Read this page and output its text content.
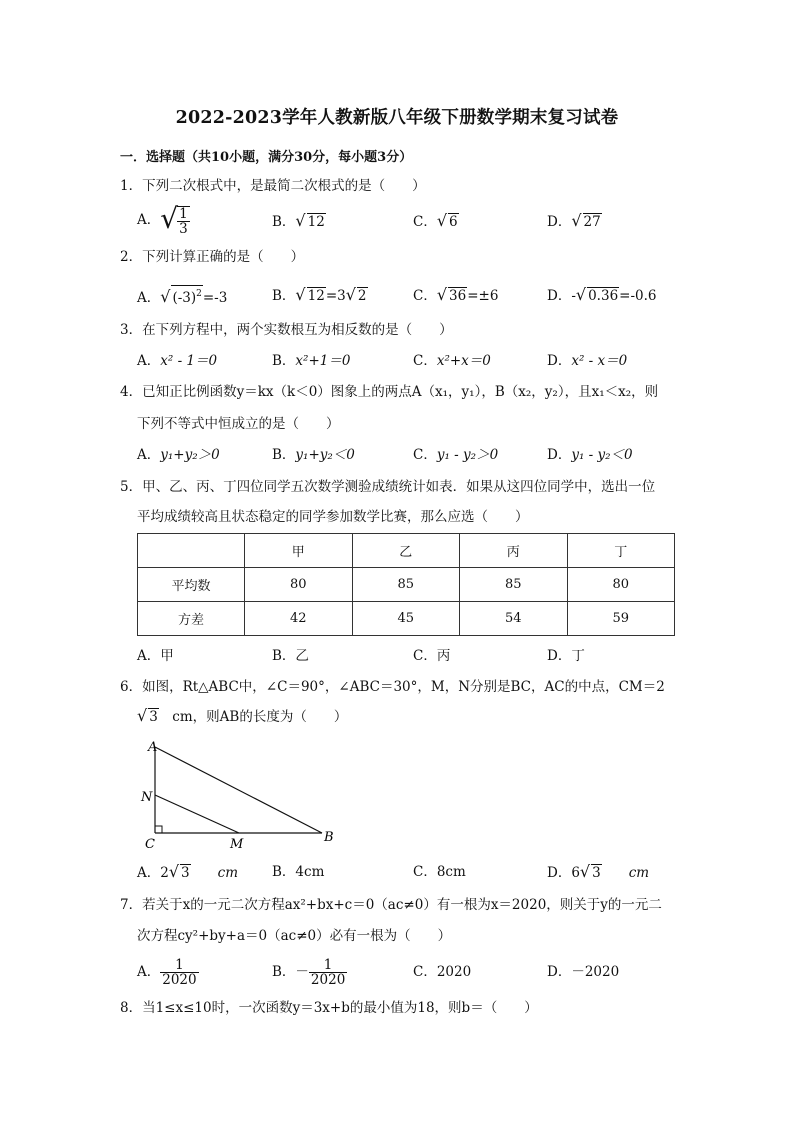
2022-2023学年人教新版八年级下册数学期末复习试卷
一．选择题（共10小题，满分30分，每小题3分）
1．下列二次根式中，是最简二次根式的是（　　）
A．√ $\frac{1}{3}$	B．√ 12	C．√ 6	D．√ 27
2．下列计算正确的是（　　）
A．√ $(-3)^2=-3$	B．√ 12=3√ 2	C．√ 36=±6	D．-√ 0.36=-0.6
3．在下列方程中，两个实数根互为相反数的是（　　）
A．x² - 1＝0	B．x²+1＝0	C．x²+x＝0	D．x² - x＝0
4．已知正比例函数y＝kx（k＜0）图象上的两点A（x₁，y₁），B（x₂，y₂），且x₁＜x₂，则
下列不等式中恒成立的是（　　）
A．y₁+y₂＞0	B．y₁+y₂＜0	C．y₁ - y₂＞0	D．y₁ - y₂＜0
5．甲、乙、丙、丁四位同学五次数学测验成绩统计如表．如果从这四位同学中，选出一位
平均成绩较高且状态稳定的同学参加数学比赛，那么应选（　　）
	甲	乙	丙	丁
平均数	80	85	85	80
方差	42	45	54	59
A．甲	B．乙	C．丙	D．丁
6．如图，Rt△ABC中，∠C＝90°，∠ABC＝30°，M，N分别是BC，AC的中点，CM＝2
√ 3　cm，则AB的长度为（　　）
A
N
C	M	B
A．2√ 3　　 cm	B．4cm	C．8cm	D．6√ 3　　 cm
7．若关于x的一元二次方程ax²+bx+c＝0（ac≠0）有一根为x＝2020，则关于y的一元二
次方程cy²+by+a＝0（ac≠0）必有一根为（　　）
A． $\frac{1}{2020}$	B．－ $\frac{1}{2020}$	C．2020	D．－2020
8．当1≤x≤10时，一次函数y＝3x+b的最小值为18，则b＝（　　）
